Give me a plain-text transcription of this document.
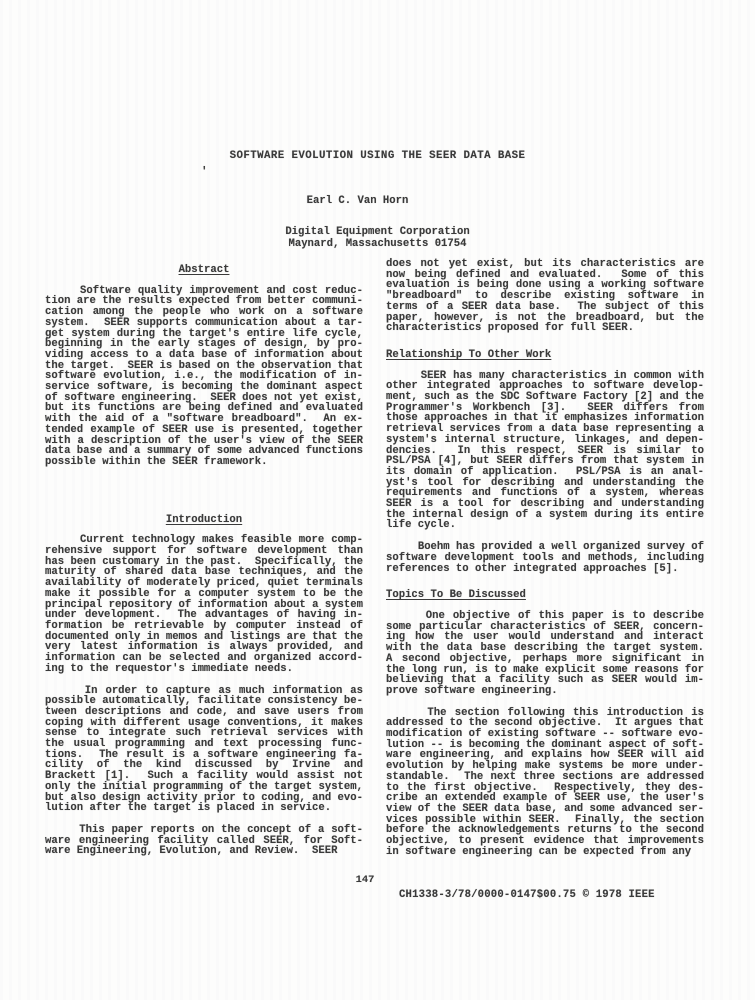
SOFTWARE EVOLUTION USING THE SEER DATA BASE
'
Earl C. Van Horn
Digital Equipment Corporation
Maynard, Massachusetts 01754
Abstract
Software quality improvement and cost reduc-
tion are the results expected from better communi-
cation among the people who work on a software
system.  SEER supports communication about a tar-
get system during the target's entire life cycle,
beginning in the early stages of design, by pro-
viding access to a data base of information about
the target.  SEER is based on the observation that
software evolution, i.e., the modification of in-
service software, is becoming the dominant aspect
of software engineering.  SEER does not yet exist,
but its functions are being defined and evaluated
with the aid of a "software breadboard".  An ex-
tended example of SEER use is presented, together
with a description of the user's view of the SEER
data base and a summary of some advanced functions
possible within the SEER framework.
Introduction
Current technology makes feasible more comp-
rehensive support for software development than
has been customary in the past.  Specifically, the
maturity of shared data base techniques, and the
availability of moderately priced, quiet terminals
make it possible for a computer system to be the
principal repository of information about a system
under development.  The advantages of having in-
formation be retrievable by computer instead of
documented only in memos and listings are that the
very latest information is always provided, and
information can be selected and organized accord-
ing to the requestor's immediate needs.
In order to capture as much information as
possible automatically, facilitate consistency be-
tween descriptions and code, and save users from
coping with different usage conventions, it makes
sense to integrate such retrieval services with
the usual programming and text processing func-
tions.  The result is a software engineering fa-
cility of the kind discussed by Irvine and
Brackett [1].  Such a facility would assist not
only the initial programming of the target system,
but also design activity prior to coding, and evo-
lution after the target is placed in service.
This paper reports on the concept of a soft-
ware engineering facility called SEER, for Soft-
ware Engineering, Evolution, and Review.  SEER
does not yet exist, but its characteristics are
now being defined and evaluated.  Some of this
evaluation is being done using a working software
"breadboard" to describe existing software in
terms of a SEER data base.  The subject of this
paper, however, is not the breadboard, but the
characteristics proposed for full SEER.
Relationship To Other Work
SEER has many characteristics in common with
other integrated approaches to software develop-
ment, such as the SDC Software Factory [2] and the
Programmer's Workbench [3].  SEER differs from
those approaches in that it emphasizes information
retrieval services from a data base representing a
system's internal structure, linkages, and depen-
dencies.  In this respect, SEER is similar to
PSL/PSA [4], but SEER differs from that system in
its domain of application.  PSL/PSA is an anal-
yst's tool for describing and understanding the
requirements and functions of a system, whereas
SEER is a tool for describing and understanding
the internal design of a system during its entire
life cycle.
Boehm has provided a well organized survey of
software development tools and methods, including
references to other integrated approaches [5].
Topics To Be Discussed
One objective of this paper is to describe
some particular characteristics of SEER, concern-
ing how the user would understand and interact
with the data base describing the target system.
A second objective, perhaps more significant in
the long run, is to make explicit some reasons for
believing that a facility such as SEER would im-
prove software engineering.
The section following this introduction is
addressed to the second objective.  It argues that
modification of existing software -- software evo-
lution -- is becoming the dominant aspect of soft-
ware engineering, and explains how SEER will aid
evolution by helping make systems be more under-
standable.  The next three sections are addressed
to the first objective.  Respectively, they des-
cribe an extended example of SEER use, the user's
view of the SEER data base, and some advanced ser-
vices possible within SEER.  Finally, the section
before the acknowledgements returns to the second
objective, to present evidence that improvements
in software engineering can be expected from any
147
CH1338-3/78/0000-0147$00.75 © 1978 IEEE
